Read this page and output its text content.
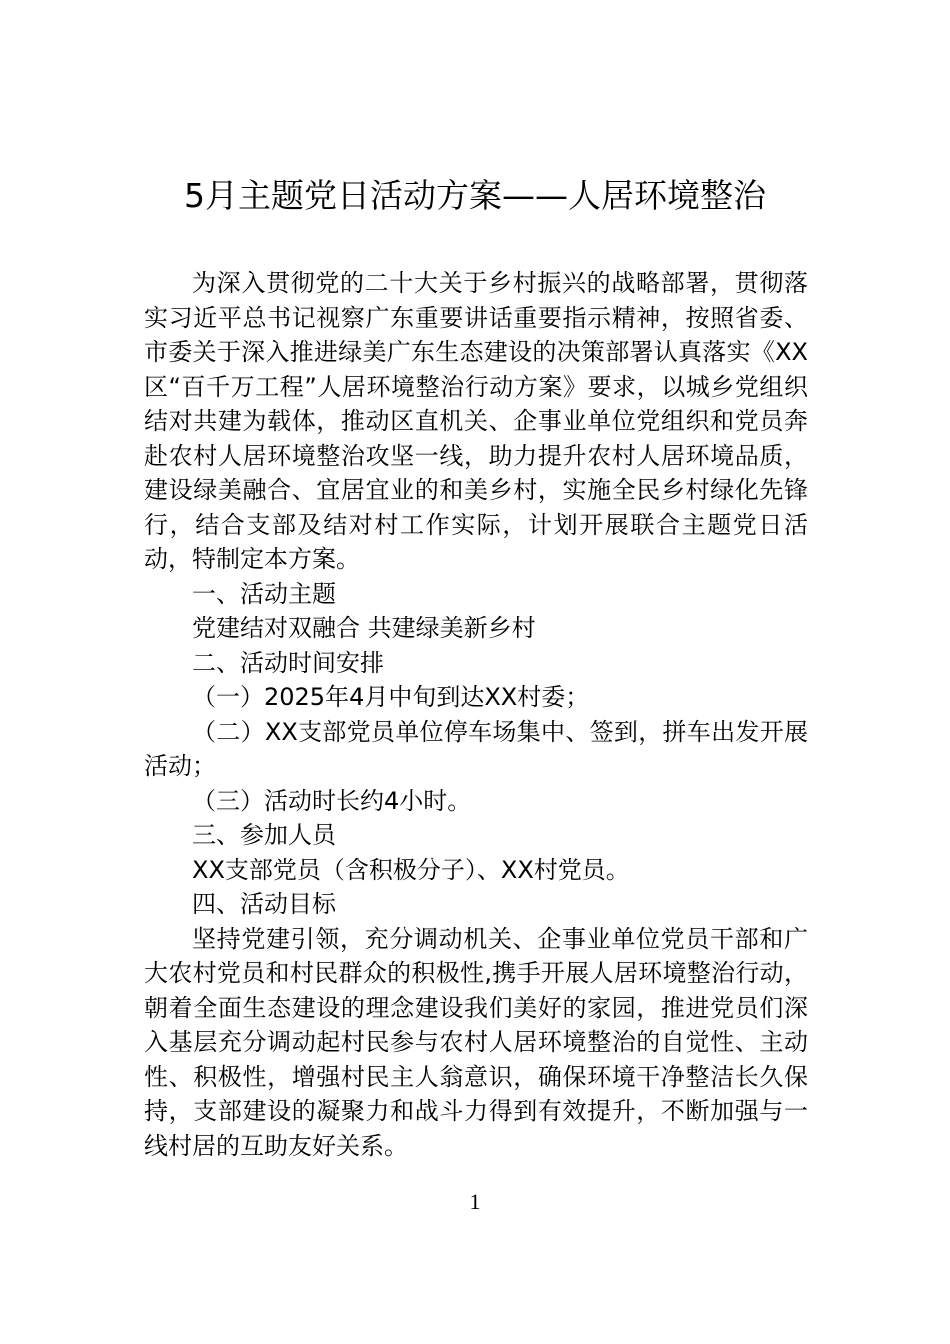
5月主题党日活动方案——人居环境整治

为深入贯彻党的二十大关于乡村振兴的战略部署，贯彻落实习近平总书记视察广东重要讲话重要指示精神，按照省委、市委关于深入推进绿美广东生态建设的决策部署认真落实《XX区“百千万工程”人居环境整治行动方案》要求，以城乡党组织结对共建为载体，推动区直机关、企事业单位党组织和党员奔赴农村人居环境整治攻坚一线，助力提升农村人居环境品质，建设绿美融合、宜居宜业的和美乡村，实施全民乡村绿化先锋行，结合支部及结对村工作实际，计划开展联合主题党日活动，特制定本方案。

一、活动主题

党建结对双融合 共建绿美新乡村

二、活动时间安排

（一）2025年4月中旬到达XX村委；

（二）XX支部党员单位停车场集中、签到，拼车出发开展活动；

（三）活动时长约4小时。

三、参加人员

XX支部党员（含积极分子）、XX村党员。

四、活动目标

坚持党建引领，充分调动机关、企事业单位党员干部和广大农村党员和村民群众的积极性,携手开展人居环境整治行动，朝着全面生态建设的理念建设我们美好的家园，推进党员们深入基层充分调动起村民参与农村人居环境整治的自觉性、主动性、积极性，增强村民主人翁意识，确保环境干净整洁长久保持，支部建设的凝聚力和战斗力得到有效提升，不断加强与一线村居的互助友好关系。

1
